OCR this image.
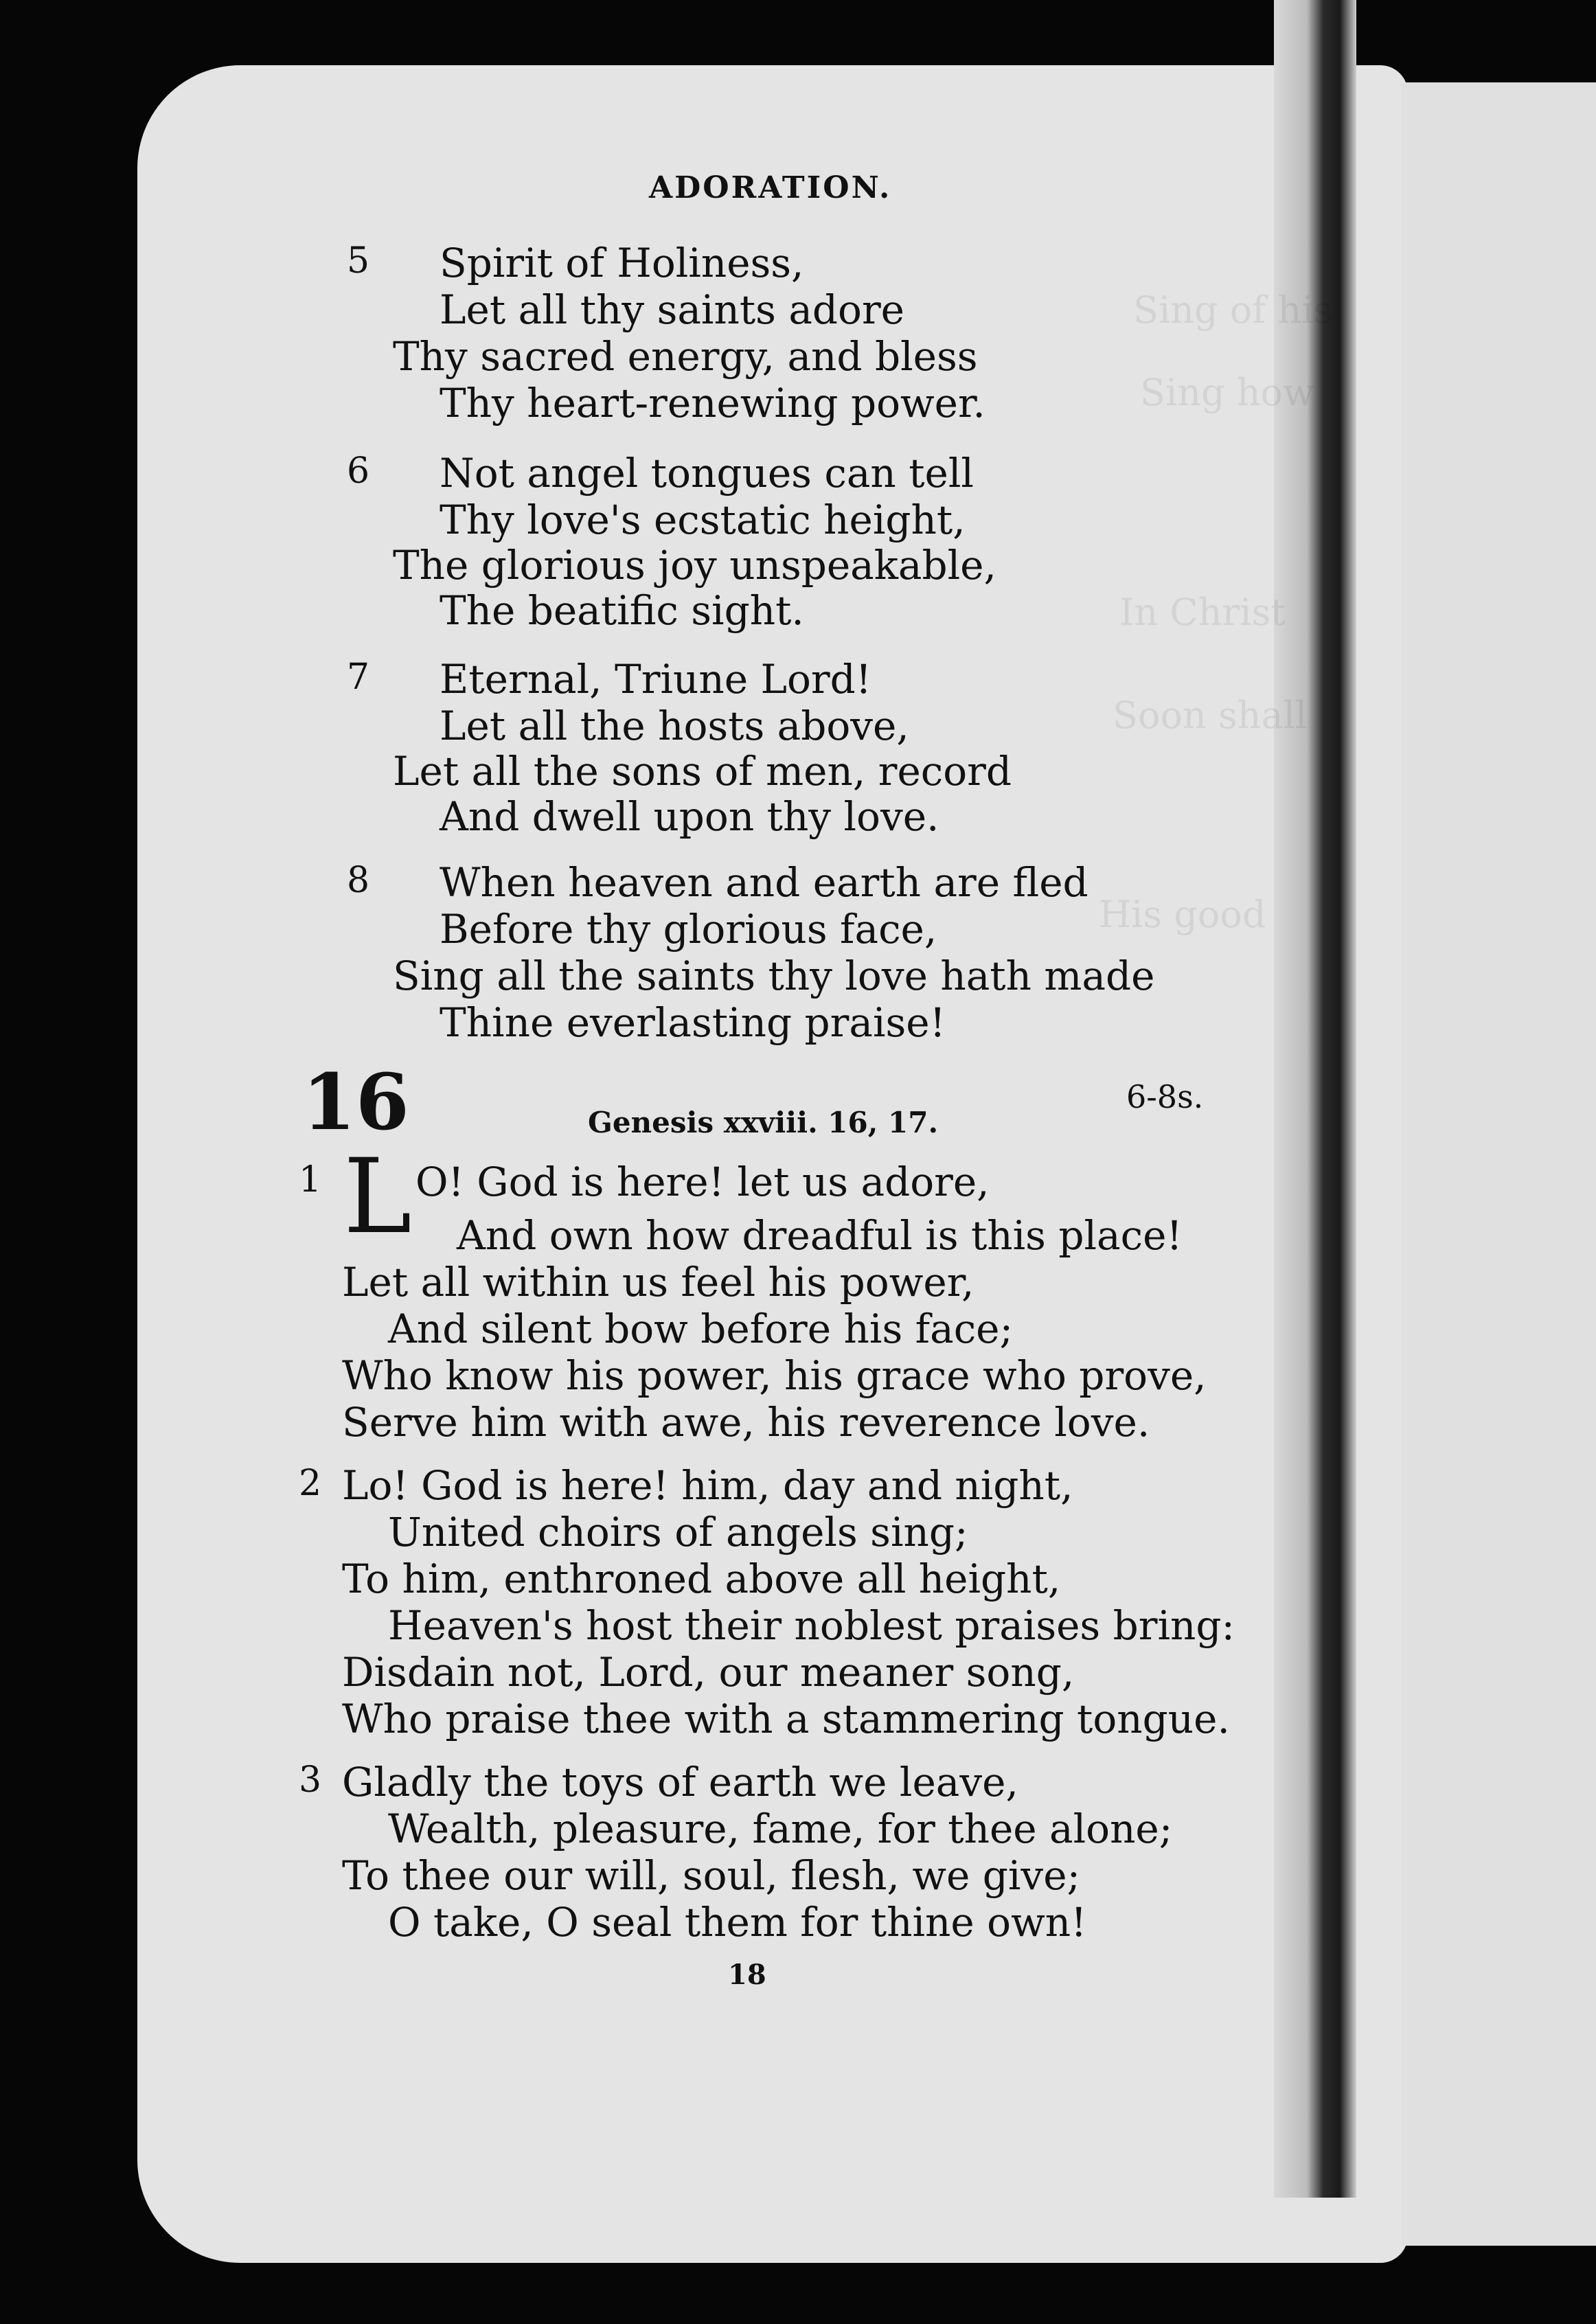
Sing of his
Sing how
In Christ
Soon shall
His good
ADORATION.
5 Spirit of Holiness,
Let all thy saints adore
Thy sacred energy, and bless
Thy heart-renewing power.
6 Not angel tongues can tell
Thy love's ecstatic height,
The glorious joy unspeakable,
The beatific sight.
7 Eternal, Triune Lord!
Let all the hosts above,
Let all the sons of men, record
And dwell upon thy love.
8 When heaven and earth are fled
Before thy glorious face,
Sing all the saints thy love hath made
Thine everlasting praise!
16	Genesis xxviii. 16, 17.
6-8s.
1 L O! God is here! let us adore,
And own how dreadful is this place!
Let all within us feel his power,
And silent bow before his face;
Who know his power, his grace who prove,
Serve him with awe, his reverence love.
2 Lo! God is here! him, day and night,
United choirs of angels sing;
To him, enthroned above all height,
Heaven's host their noblest praises bring:
Disdain not, Lord, our meaner song,
Who praise thee with a stammering tongue.
3 Gladly the toys of earth we leave,
Wealth, pleasure, fame, for thee alone;
To thee our will, soul, flesh, we give;
O take, O seal them for thine own!
18
